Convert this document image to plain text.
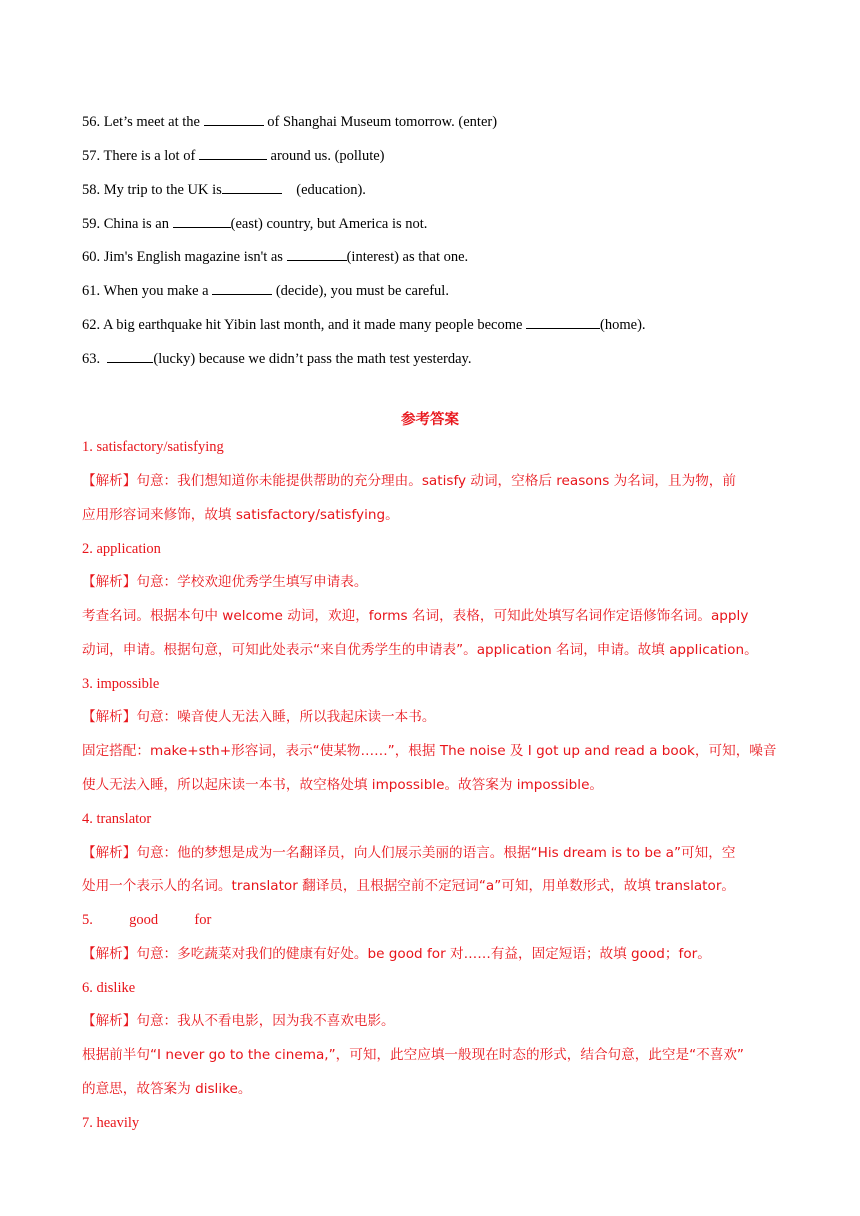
56. Let’s meet at the	of Shanghai Museum tomorrow. (enter)
57. There is a lot of	around us. (pollute)
58. My trip to the UK is	(education).
59. China is an	(east) country, but America is not.
60. Jim's English magazine isn't as	(interest) as that one.
61. When you make a	(decide), you must be careful.
62. A big earthquake hit Yibin last month, and it made many people become	(home).
63.	(lucky) because we didn’t pass the math test yesterday.
参考答案
1. satisfactory/satisfying
【解析】句意：我们想知道你未能提供帮助的充分理由。satisfy 动词，空格后 reasons 为名词，且为物，前
应用形容词来修饰，故填 satisfactory/satisfying。
2. application
【解析】句意：学校欢迎优秀学生填写申请表。
考查名词。根据本句中 welcome 动词，欢迎，forms 名词，表格，可知此处填写名词作定语修饰名词。apply
动词，申请。根据句意，可知此处表示“来自优秀学生的申请表”。application 名词，申请。故填 application。
3. impossible
【解析】句意：噪音使人无法入睡，所以我起床读一本书。
固定搭配：make+sth+形容词，表示“使某物……”，根据 The noise 及 I got up and read a book，可知，噪音
使人无法入睡，所以起床读一本书，故空格处填 impossible。故答案为 impossible。
4. translator
【解析】句意：他的梦想是成为一名翻译员，向人们展示美丽的语言。根据“His dream is to be a”可知，空
处用一个表示人的名词。translator 翻译员，且根据空前不定冠词“a”可知，用单数形式，故填 translator。
5.          good          for
【解析】句意：多吃蔬菜对我们的健康有好处。be good for 对……有益，固定短语；故填 good；for。
6. dislike
【解析】句意：我从不看电影，因为我不喜欢电影。
根据前半句“I never go to the cinema,”，可知，此空应填一般现在时态的形式，结合句意，此空是“不喜欢”
的意思，故答案为 dislike。
7. heavily
